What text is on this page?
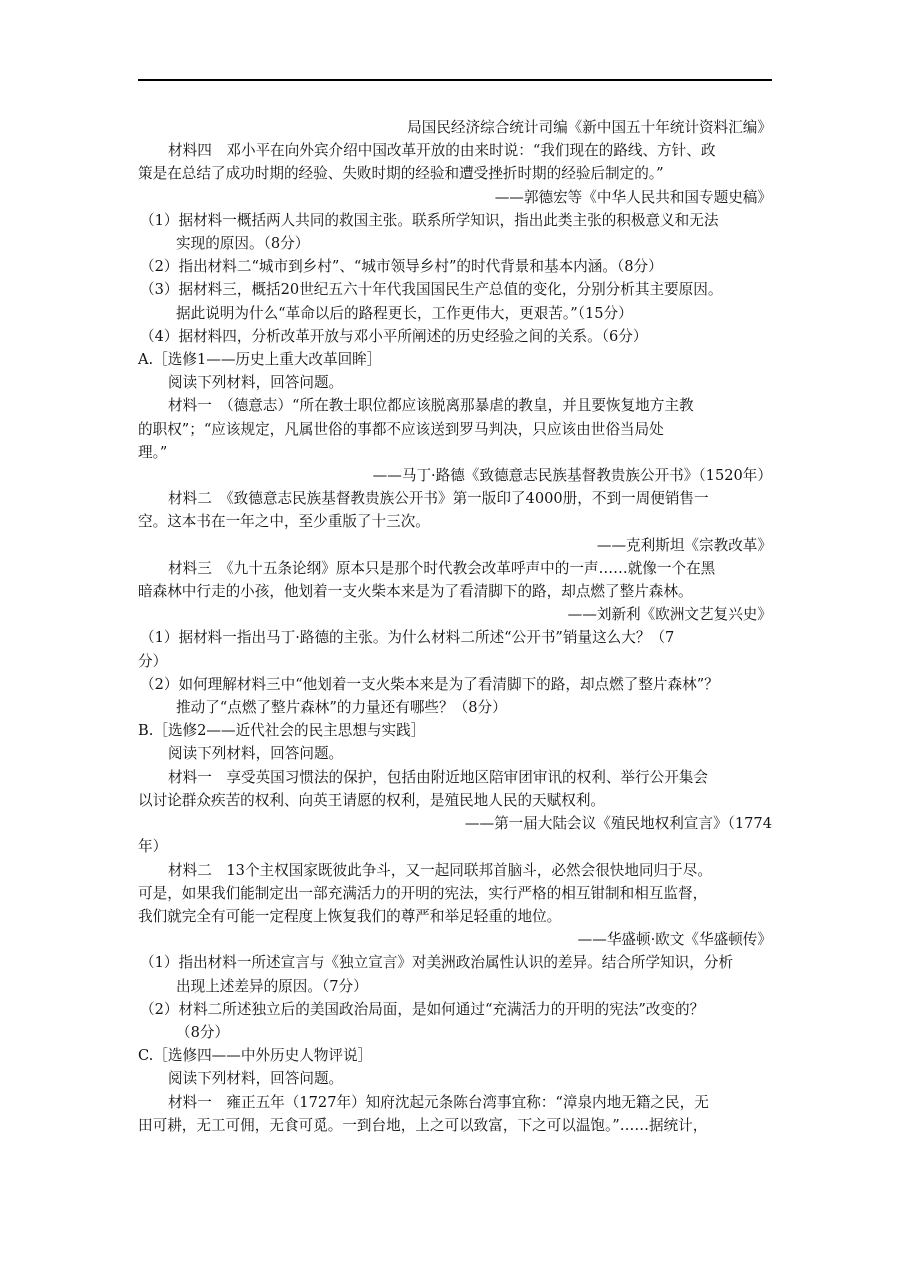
局国民经济综合统计司编《新中国五十年统计资料汇编》
材料四　邓小平在向外宾介绍中国改革开放的由来时说：“我们现在的路线、方针、政
策是在总结了成功时期的经验、失败时期的经验和遭受挫折时期的经验后制定的。”
——郭德宏等《中华人民共和国专题史稿》
（1）据材料一概括两人共同的救国主张。联系所学知识，指出此类主张的积极意义和无法
实现的原因。（8分）
（2）指出材料二“城市到乡村”、“城市领导乡村”的时代背景和基本内涵。（8分）
（3）据材料三，概括20世纪五六十年代我国国民生产总值的变化，分别分析其主要原因。
据此说明为什么“革命以后的路程更长，工作更伟大，更艰苦。”（15分）
（4）据材料四，分析改革开放与邓小平所阐述的历史经验之间的关系。（6分）
A.［选修1——历史上重大改革回眸］
阅读下列材料，回答问题。
材料一　（德意志）“所在教士职位都应该脱离那暴虐的教皇，并且要恢复地方主教
的职权”；“应该规定，凡属世俗的事都不应该送到罗马判决，只应该由世俗当局处
理。”
——马丁·路德《致德意志民族基督教贵族公开书》（1520年）
材料二　《致德意志民族基督教贵族公开书》第一版印了4000册，不到一周便销售一
空。这本书在一年之中，至少重版了十三次。
——克利斯坦《宗教改革》
材料三　《九十五条论纲》原本只是那个时代教会改革呼声中的一声……就像一个在黑
暗森林中行走的小孩，他划着一支火柴本来是为了看清脚下的路，却点燃了整片森林。
——刘新利《欧洲文艺复兴史》
（1）据材料一指出马丁·路德的主张。为什么材料二所述“公开书”销量这么大？（7
分）
（2）如何理解材料三中“他划着一支火柴本来是为了看清脚下的路，却点燃了整片森林”？
推动了“点燃了整片森林”的力量还有哪些？（8分）
B.［选修2——近代社会的民主思想与实践］
阅读下列材料，回答问题。
材料一　享受英国习惯法的保护，包括由附近地区陪审团审讯的权利、举行公开集会
以讨论群众疾苦的权利、向英王请愿的权利，是殖民地人民的天赋权利。
——第一届大陆会议《殖民地权利宣言》（1774
年）
材料二　13个主权国家既彼此争斗，又一起同联邦首脑斗，必然会很快地同归于尽。
可是，如果我们能制定出一部充满活力的开明的宪法，实行严格的相互钳制和相互监督，
我们就完全有可能一定程度上恢复我们的尊严和举足轻重的地位。
——华盛顿·欧文《华盛顿传》
（1）指出材料一所述宣言与《独立宣言》对美洲政治属性认识的差异。结合所学知识，分析
出现上述差异的原因。（7分）
（2）材料二所述独立后的美国政治局面，是如何通过“充满活力的开明的宪法”改变的？
（8分）
C.［选修四——中外历史人物评说］
阅读下列材料，回答问题。
材料一　雍正五年（1727年）知府沈起元条陈台湾事宜称：“漳泉内地无籍之民，无
田可耕，无工可佣，无食可觅。一到台地，上之可以致富，下之可以温饱。”……据统计，
